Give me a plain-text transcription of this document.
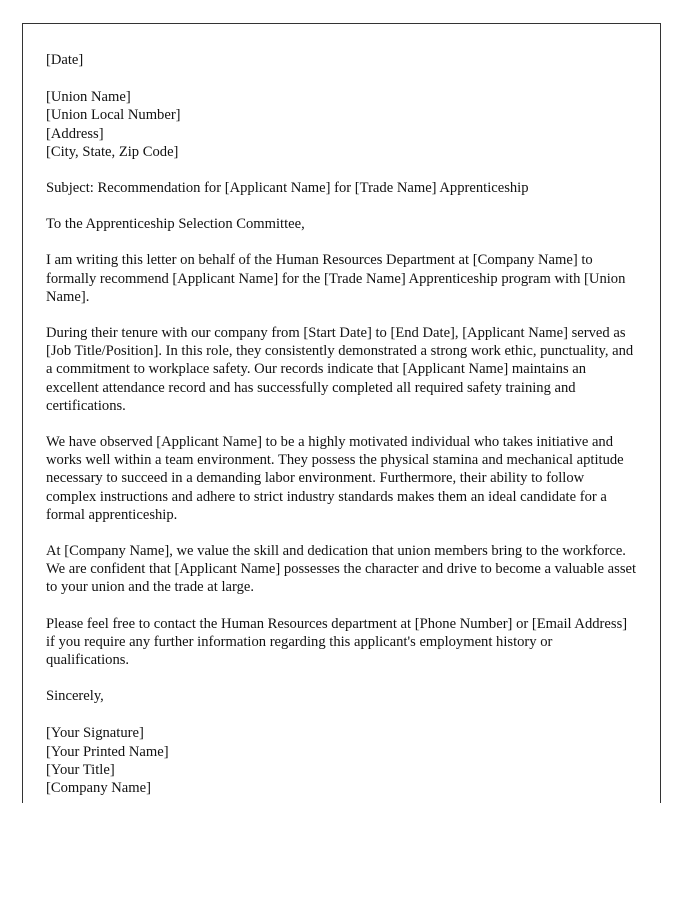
[Date]
[Union Name]
[Union Local Number]
[Address]
[City, State, Zip Code]

Subject: Recommendation for [Applicant Name] for [Trade Name] Apprenticeship

To the Apprenticeship Selection Committee,

I am writing this letter on behalf of the Human Resources Department at [Company Name] to formally recommend [Applicant Name] for the [Trade Name] Apprenticeship program with [Union Name].

During their tenure with our company from [Start Date] to [End Date], [Applicant Name] served as [Job Title/Position]. In this role, they consistently demonstrated a strong work ethic, punctuality, and a commitment to workplace safety. Our records indicate that [Applicant Name] maintains an excellent attendance record and has successfully completed all required safety training and certifications.

We have observed [Applicant Name] to be a highly motivated individual who takes initiative and works well within a team environment. They possess the physical stamina and mechanical aptitude necessary to succeed in a demanding labor environment. Furthermore, their ability to follow complex instructions and adhere to strict industry standards makes them an ideal candidate for a formal apprenticeship.

At [Company Name], we value the skill and dedication that union members bring to the workforce. We are confident that [Applicant Name] possesses the character and drive to become a valuable asset to your union and the trade at large.

Please feel free to contact the Human Resources department at [Phone Number] or [Email Address] if you require any further information regarding this applicant's employment history or qualifications.

Sincerely,
[Your Signature]
[Your Printed Name]
[Your Title]
[Company Name]
